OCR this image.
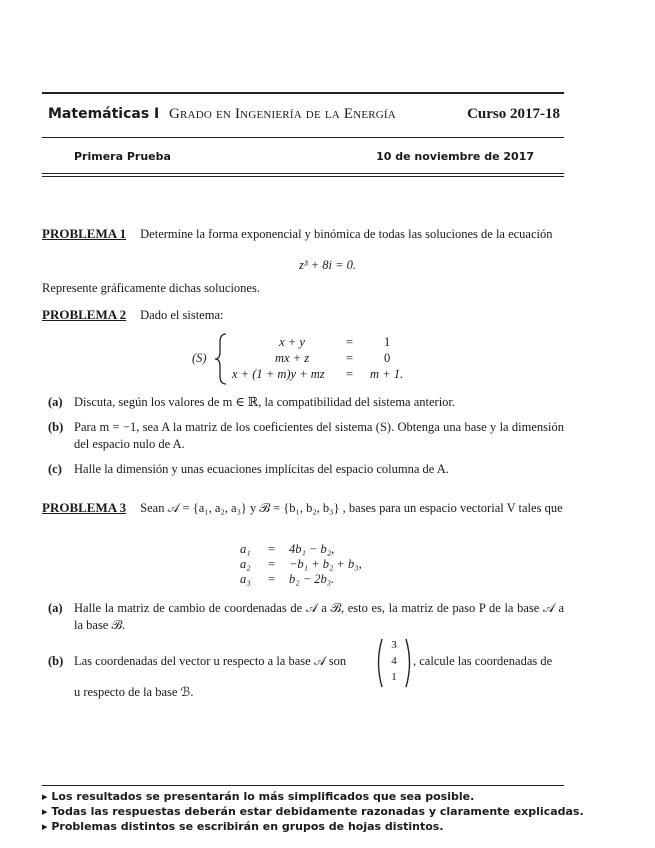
Matemáticas I Grado en Ingeniería de la Energía	Curso 2017-18
Primera Prueba	10 de noviembre de 2017
PROBLEMA 1 Determine la forma exponencial y binómica de todas las soluciones de la ecuación
z³ + 8i = 0.
Represente gráficamente dichas soluciones.
PROBLEMA 2 Dado el sistema:
(S)
x + y	= 1
mx + z	= 0
x + (1 + m)y + mz = m + 1.
(a) Discuta, según los valores de m ∈ ℝ, la compatibilidad del sistema anterior.
(b) Para m = −1, sea A la matriz de los coeficientes del sistema (S). Obtenga una base y la dimensión del espacio nulo de A.
(c) Halle la dimensión y unas ecuaciones implícitas del espacio columna de A.
PROBLEMA 3 Sean 𝒜 = {a₁, a₂, a₃} y ℬ = {b₁, b₂, b₃} , bases para un espacio vectorial V tales que
a₁ = 4b₁ − b₂,
a₂ = −b₁ + b₂ + b₃,
a₃ = b₂ − 2b₃.
(a) Halle la matriz de cambio de coordenadas de 𝒜 a ℬ, esto es, la matriz de paso P de la base 𝒜 a la base ℬ.
(b) Las coordenadas del vector u respecto a la base 𝒜 son
3
4
1
, calcule las coordenadas de
u respecto de la base ℬ.
▸ Los resultados se presentarán lo más simplificados que sea posible.
▸ Todas las respuestas deberán estar debidamente razonadas y claramente explicadas.
▸ Problemas distintos se escribirán en grupos de hojas distintos.
